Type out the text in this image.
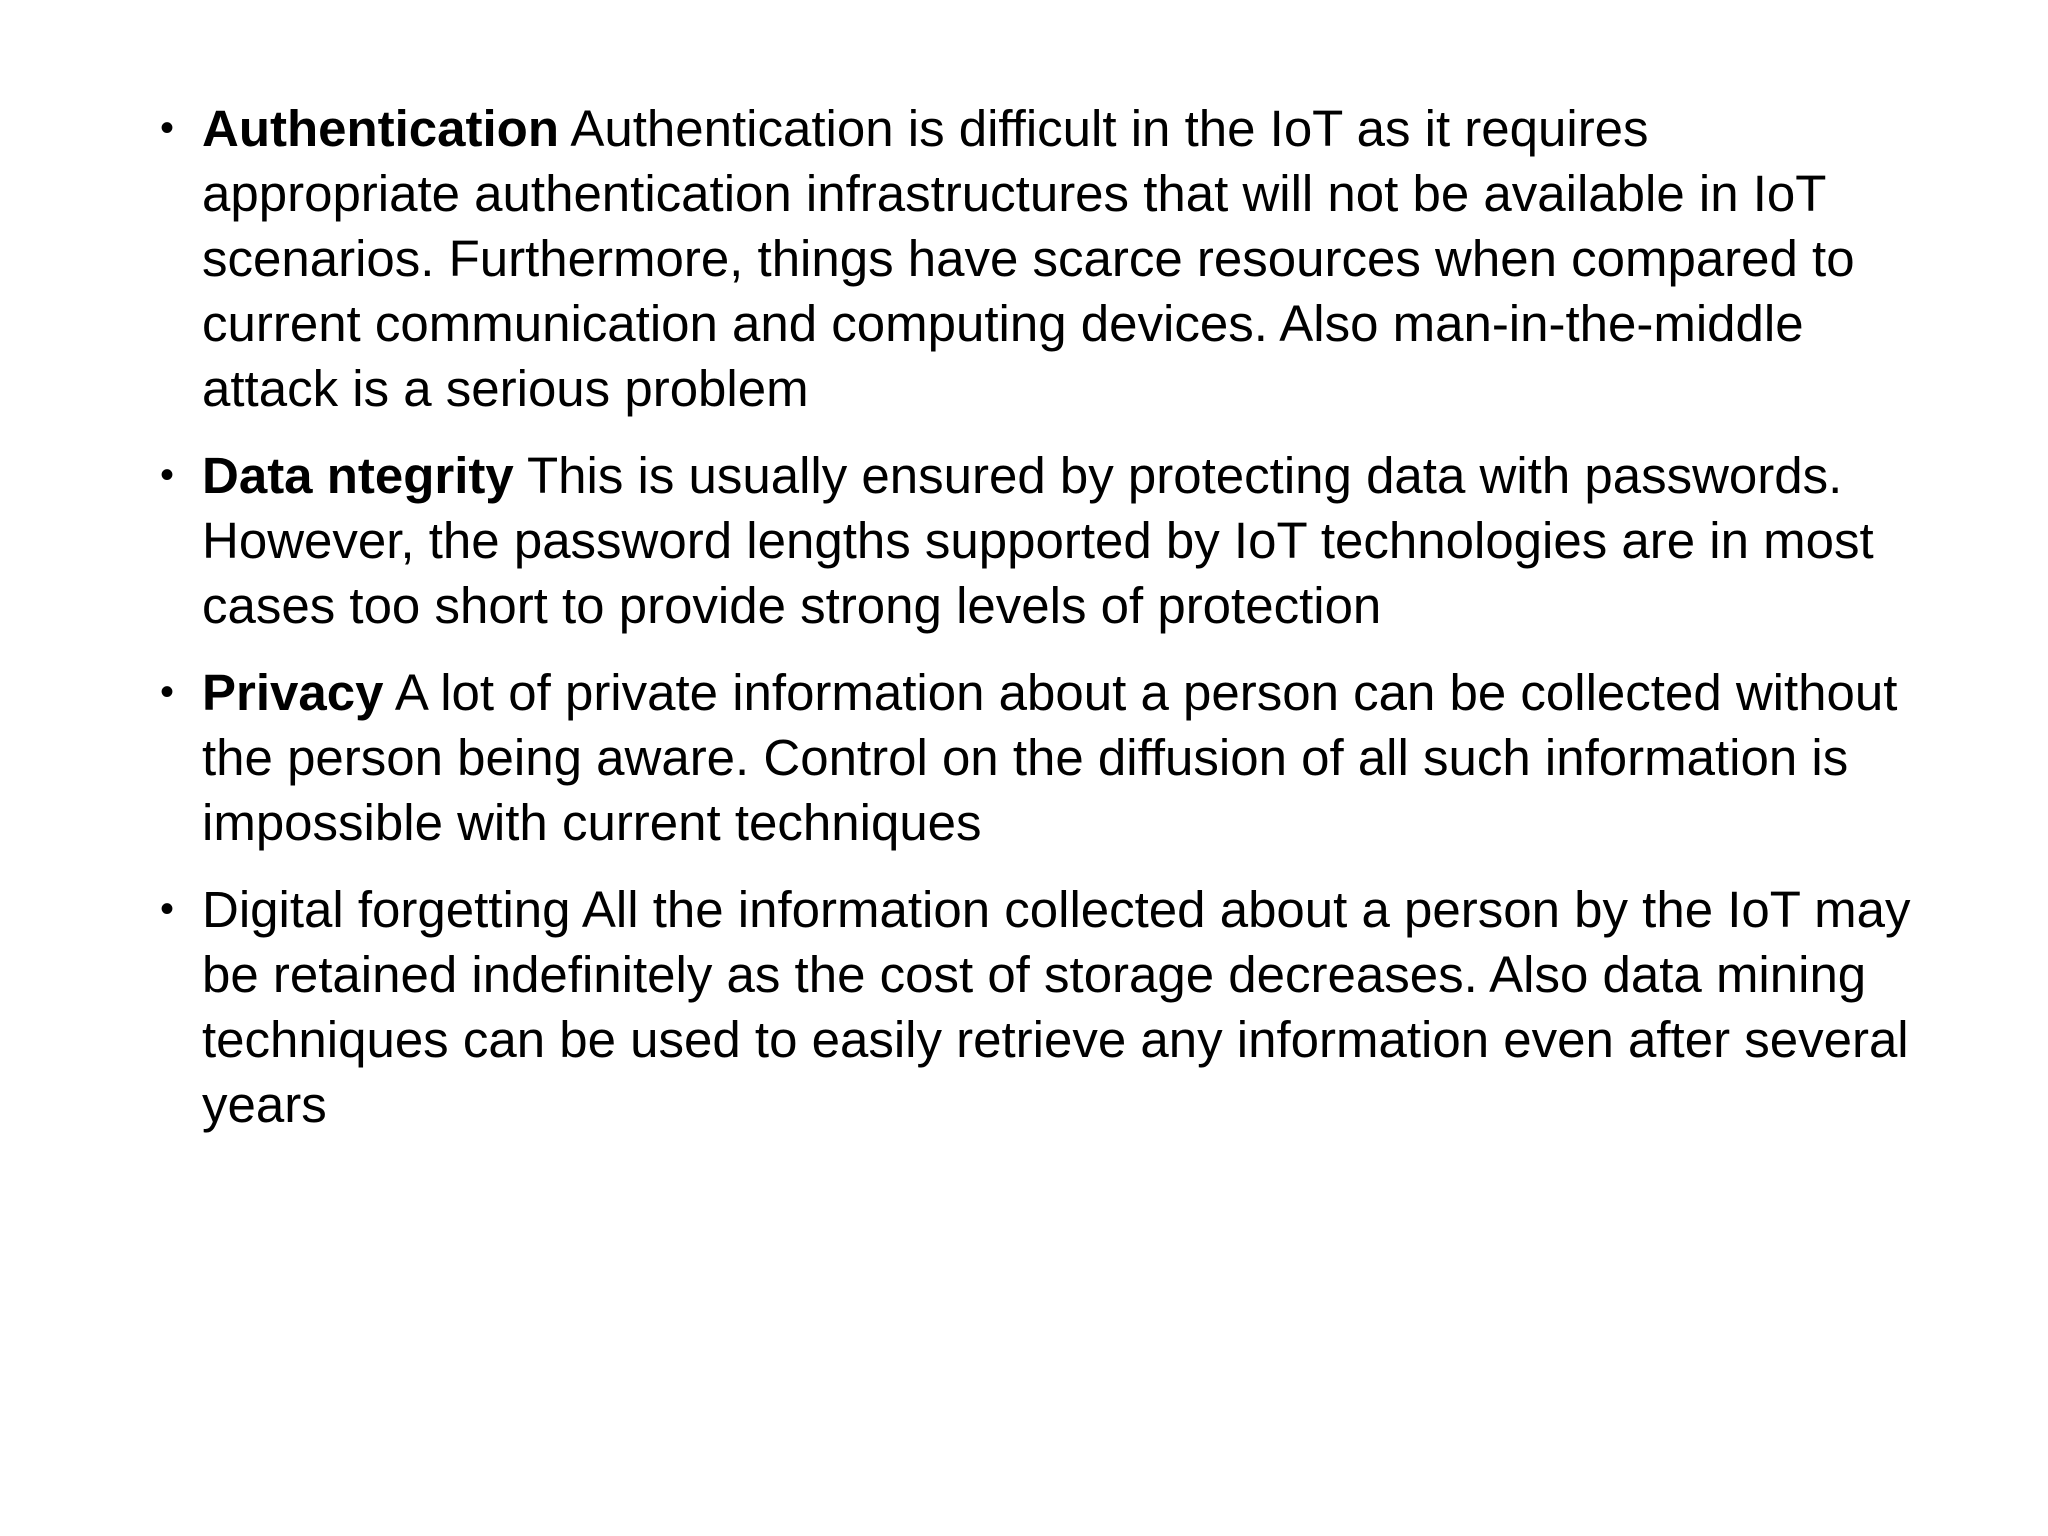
• Authentication Authentication is difficult in the IoT as it requires appropriate authentication infrastructures that will not be available in IoT scenarios. Furthermore, things have scarce resources when compared to current communication and computing devices. Also man-in-the-middle attack is a serious problem
• Data ntegrity This is usually ensured by protecting data with passwords. However, the password lengths supported by IoT technologies are in most cases too short to provide strong levels of protection
• Privacy A lot of private information about a person can be collected without the person being aware. Control on the diffusion of all such information is impossible with current techniques
• Digital forgetting All the information collected about a person by the IoT may be retained indefinitely as the cost of storage decreases. Also data mining techniques can be used to easily retrieve any information even after several years
